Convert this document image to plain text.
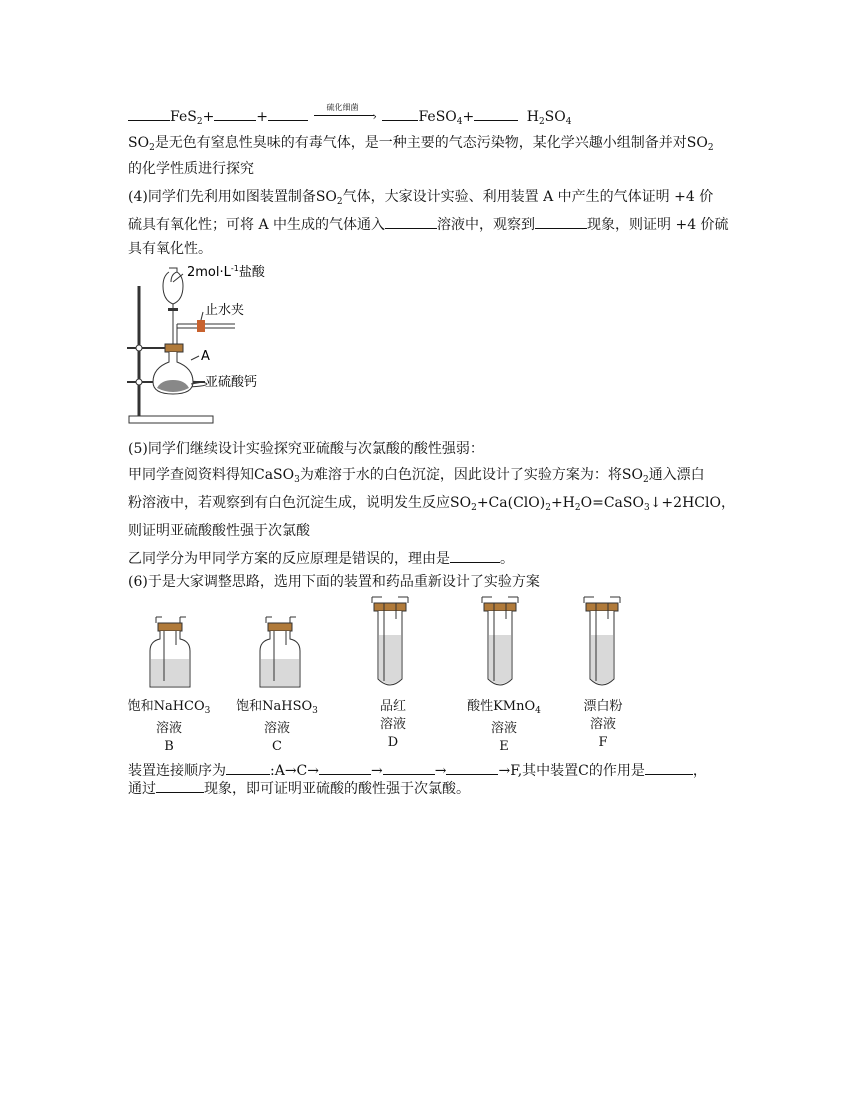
FeS$_2$+	+
硫化细菌
›	FeSO$_4$+	$H_2SO_4$
$SO_2$是无色有窒息性臭味的有毒气体，是一种主要的气态污染物，某化学兴趣小组制备并对$SO_2$
的化学性质进行探究
(4)同学们先利用如图装置制备$SO_2$气体，大家设计实验、利用装置 A 中产生的气体证明 +4 价
硫具有氧化性；可将 A 中生成的气体通入	溶液中，观察到	现象，则证明 +4 价硫
具有氧化性。
$2mol\cdot L^{-1}$盐酸
止水夹
A
亚硫酸钙
(5)同学们继续设计实验探究亚硫酸与次氯酸的酸性强弱：
甲同学查阅资料得知CaSO$_3$为难溶于水的白色沉淀，因此设计了实验方案为：将$SO_2$通入漂白
粉溶液中，若观察到有白色沉淀生成，说明发生反应$SO_2+Ca(ClO)_2+H_2O=CaSO_3↓+2HClO$，
则证明亚硫酸酸性强于次氯酸
乙同学分为甲同学方案的反应原理是错误的，理由是	。
(6)于是大家调整思路，选用下面的装置和药品重新设计了实验方案
饱和NaHCO$_3$
溶液
B
饱和NaHSO$_3$
溶液
C
品红
溶液
D
酸性KMnO$_4$
溶液
E
漂白粉
溶液
F
装置连接顺序为	:A→C→	→	→	→F,其中装置C的作用是	，
通过	现象，即可证明亚硫酸的酸性强于次氯酸。
